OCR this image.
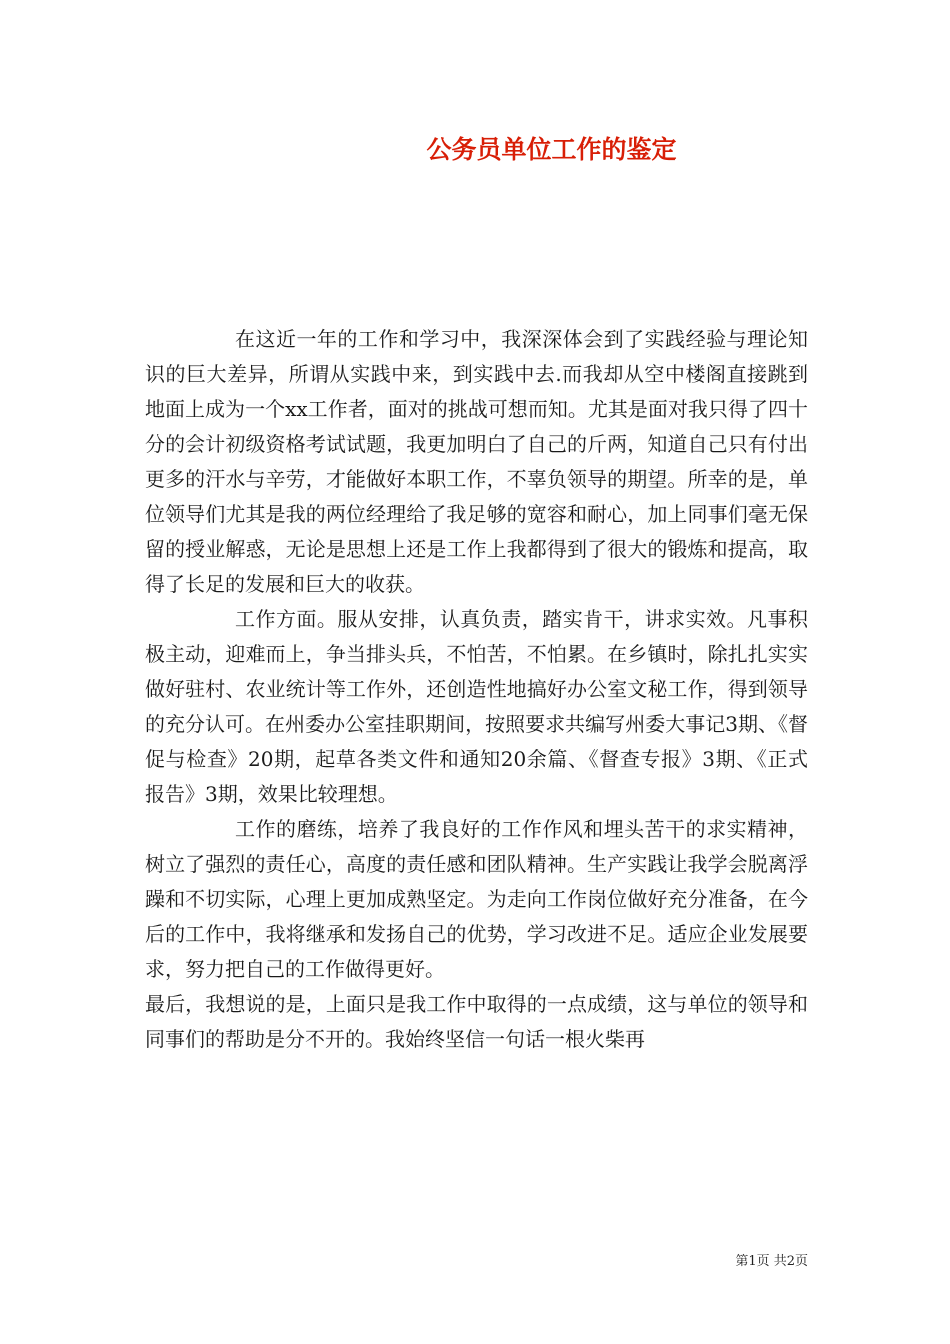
公务员单位工作的鉴定

在这近一年的工作和学习中，我深深体会到了实践经验与理论知识的巨大差异，所谓从实践中来，到实践中去.而我却从空中楼阁直接跳到地面上成为一个xx工作者，面对的挑战可想而知。尤其是面对我只得了四十分的会计初级资格考试试题，我更加明白了自己的斤两，知道自己只有付出更多的汗水与辛劳，才能做好本职工作，不辜负领导的期望。所幸的是，单位领导们尤其是我的两位经理给了我足够的宽容和耐心，加上同事们毫无保留的授业解惑，无论是思想上还是工作上我都得到了很大的锻炼和提高，取得了长足的发展和巨大的收获。

工作方面。服从安排，认真负责，踏实肯干，讲求实效。凡事积极主动，迎难而上，争当排头兵，不怕苦，不怕累。在乡镇时，除扎扎实实做好驻村、农业统计等工作外，还创造性地搞好办公室文秘工作，得到领导的充分认可。在州委办公室挂职期间，按照要求共编写州委大事记3期、《督促与检查》20期，起草各类文件和通知20余篇、《督查专报》3期、《正式报告》3期，效果比较理想。

工作的磨练，培养了我良好的工作作风和埋头苦干的求实精神，树立了强烈的责任心，高度的责任感和团队精神。生产实践让我学会脱离浮躁和不切实际，心理上更加成熟坚定。为走向工作岗位做好充分准备，在今后的工作中，我将继承和发扬自己的优势，学习改进不足。适应企业发展要求，努力把自己的工作做得更好。

最后，我想说的是，上面只是我工作中取得的一点成绩，这与单位的领导和同事们的帮助是分不开的。我始终坚信一句话一根火柴再

第1页 共2页
